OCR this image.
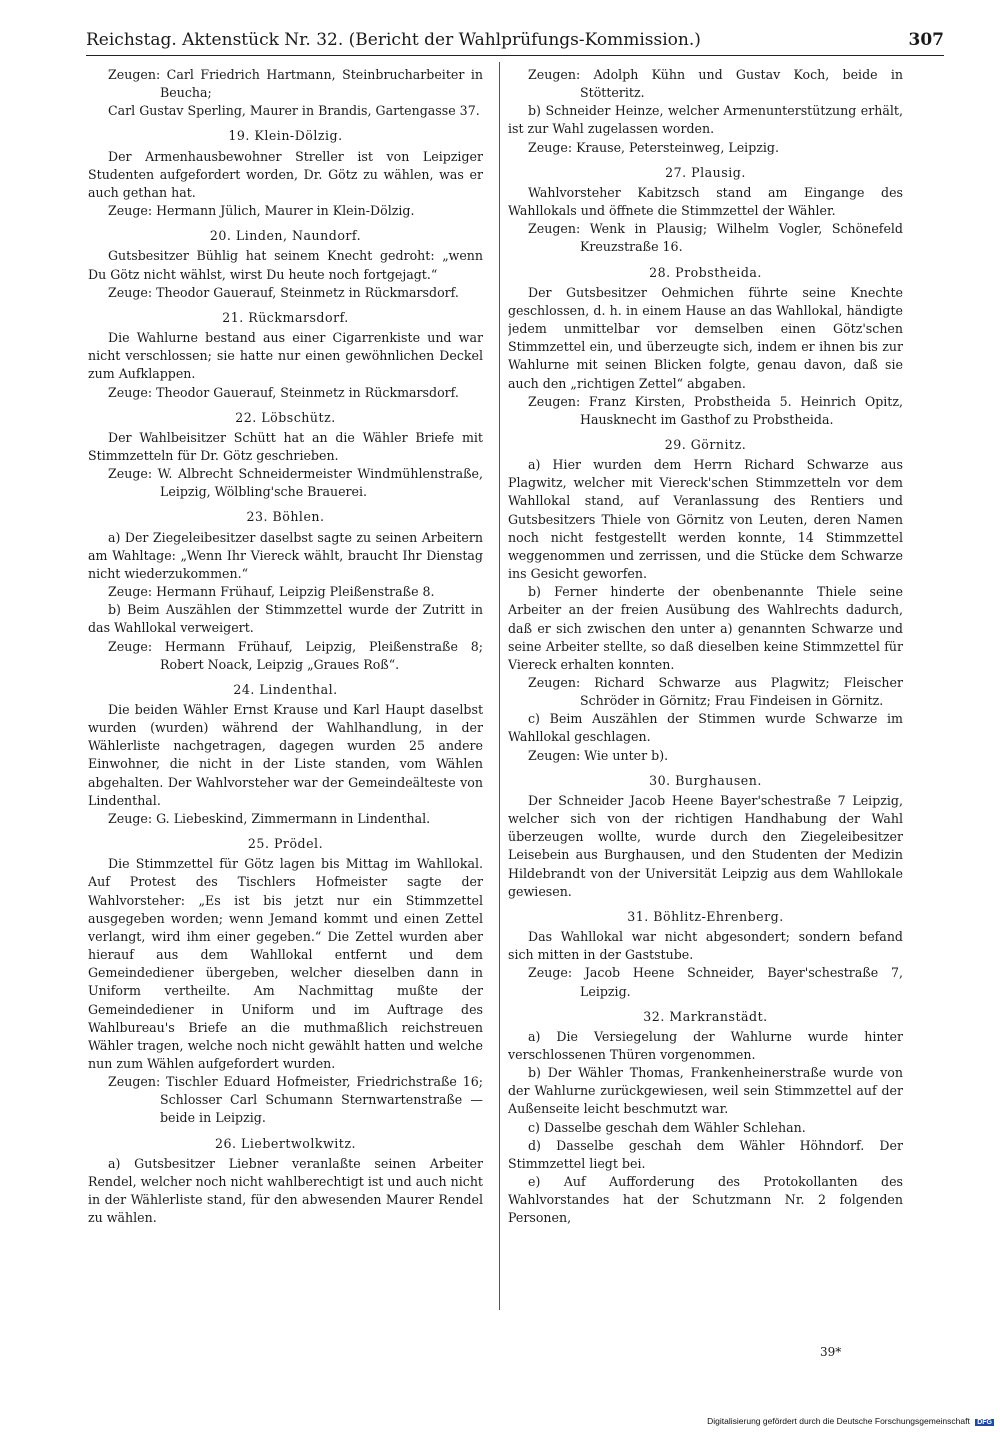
Reichstag. Aktenstück Nr. 32. (Bericht der Wahlprüfungs-Kommission.)	307

Zeugen: Carl Friedrich Hartmann, Steinbrucharbeiter in Beucha;

Carl Gustav Sperling, Maurer in Brandis, Gartengasse 37.

19. Klein-Dölzig.

Der Armenhausbewohner Streller ist von Leipziger Studenten aufgefordert worden, Dr. Götz zu wählen, was er auch gethan hat.

Zeuge: Hermann Jülich, Maurer in Klein-Dölzig.

20. Linden, Naundorf.

Gutsbesitzer Bühlig hat seinem Knecht gedroht: „wenn Du Götz nicht wählst, wirst Du heute noch fortgejagt.“

Zeuge: Theodor Gauerauf, Steinmetz in Rückmarsdorf.

21. Rückmarsdorf.

Die Wahlurne bestand aus einer Cigarrenkiste und war nicht verschlossen; sie hatte nur einen gewöhnlichen Deckel zum Aufklappen.

Zeuge: Theodor Gauerauf, Steinmetz in Rückmarsdorf.

22. Löbschütz.

Der Wahlbeisitzer Schütt hat an die Wähler Briefe mit Stimmzetteln für Dr. Götz geschrieben.

Zeuge: W. Albrecht Schneidermeister Windmühlenstraße, Leipzig, Wölbling'sche Brauerei.

23. Böhlen.

a) Der Ziegeleibesitzer daselbst sagte zu seinen Arbeitern am Wahltage: „Wenn Ihr Viereck wählt, braucht Ihr Dienstag nicht wiederzukommen.“

Zeuge: Hermann Frühauf, Leipzig Pleißenstraße 8.

b) Beim Auszählen der Stimmzettel wurde der Zutritt in das Wahllokal verweigert.

Zeuge: Hermann Frühauf, Leipzig, Pleißenstraße 8; Robert Noack, Leipzig „Graues Roß“.

24. Lindenthal.

Die beiden Wähler Ernst Krause und Karl Haupt daselbst wurden (wurden) während der Wahlhandlung, in der Wählerliste nachgetragen, dagegen wurden 25 andere Einwohner, die nicht in der Liste standen, vom Wählen abgehalten. Der Wahlvorsteher war der Gemeindeälteste von Lindenthal.

Zeuge: G. Liebeskind, Zimmermann in Lindenthal.

25. Prödel.

Die Stimmzettel für Götz lagen bis Mittag im Wahllokal. Auf Protest des Tischlers Hofmeister sagte der Wahlvorsteher: „Es ist bis jetzt nur ein Stimmzettel ausgegeben worden; wenn Jemand kommt und einen Zettel verlangt, wird ihm einer gegeben.“ Die Zettel wurden aber hierauf aus dem Wahllokal entfernt und dem Gemeindediener übergeben, welcher dieselben dann in Uniform vertheilte. Am Nachmittag mußte der Gemeindediener in Uniform und im Auftrage des Wahlbureau's Briefe an die muthmaßlich reichstreuen Wähler tragen, welche noch nicht gewählt hatten und welche nun zum Wählen aufgefordert wurden.

Zeugen: Tischler Eduard Hofmeister, Friedrichstraße 16; Schlosser Carl Schumann Sternwartenstraße — beide in Leipzig.

26. Liebertwolkwitz.

a) Gutsbesitzer Liebner veranlaßte seinen Arbeiter Rendel, welcher noch nicht wahlberechtigt ist und auch nicht in der Wählerliste stand, für den abwesenden Maurer Rendel zu wählen.

Zeugen: Adolph Kühn und Gustav Koch, beide in Stötteritz.

b) Schneider Heinze, welcher Armenunterstützung erhält, ist zur Wahl zugelassen worden.

Zeuge: Krause, Petersteinweg, Leipzig.

27. Plausig.

Wahlvorsteher Kabitzsch stand am Eingange des Wahllokals und öffnete die Stimmzettel der Wähler.

Zeugen: Wenk in Plausig; Wilhelm Vogler, Schönefeld Kreuzstraße 16.

28. Probstheida.

Der Gutsbesitzer Oehmichen führte seine Knechte geschlossen, d. h. in einem Hause an das Wahllokal, händigte jedem unmittelbar vor demselben einen Götz'schen Stimmzettel ein, und überzeugte sich, indem er ihnen bis zur Wahlurne mit seinen Blicken folgte, genau davon, daß sie auch den „richtigen Zettel“ abgaben.

Zeugen: Franz Kirsten, Probstheida 5. Heinrich Opitz, Hausknecht im Gasthof zu Probstheida.

29. Görnitz.

a) Hier wurden dem Herrn Richard Schwarze aus Plagwitz, welcher mit Viereck'schen Stimmzetteln vor dem Wahllokal stand, auf Veranlassung des Rentiers und Gutsbesitzers Thiele von Görnitz von Leuten, deren Namen noch nicht festgestellt werden konnte, 14 Stimmzettel weggenommen und zerrissen, und die Stücke dem Schwarze ins Gesicht geworfen.

b) Ferner hinderte der obenbenannte Thiele seine Arbeiter an der freien Ausübung des Wahlrechts dadurch, daß er sich zwischen den unter a) genannten Schwarze und seine Arbeiter stellte, so daß dieselben keine Stimmzettel für Viereck erhalten konnten.

Zeugen: Richard Schwarze aus Plagwitz; Fleischer Schröder in Görnitz; Frau Findeisen in Görnitz.

c) Beim Auszählen der Stimmen wurde Schwarze im Wahllokal geschlagen.

Zeugen: Wie unter b).

30. Burghausen.

Der Schneider Jacob Heene Bayer'schestraße 7 Leipzig, welcher sich von der richtigen Handhabung der Wahl überzeugen wollte, wurde durch den Ziegeleibesitzer Leisebein aus Burghausen, und den Studenten der Medizin Hildebrandt von der Universität Leipzig aus dem Wahllokale gewiesen.

31. Böhlitz-Ehrenberg.

Das Wahllokal war nicht abgesondert; sondern befand sich mitten in der Gaststube.

Zeuge: Jacob Heene Schneider, Bayer'schestraße 7, Leipzig.

32. Markranstädt.

a) Die Versiegelung der Wahlurne wurde hinter verschlossenen Thüren vorgenommen.

b) Der Wähler Thomas, Frankenheinerstraße wurde von der Wahlurne zurückgewiesen, weil sein Stimmzettel auf der Außenseite leicht beschmutzt war.

c) Dasselbe geschah dem Wähler Schlehan.

d) Dasselbe geschah dem Wähler Höhndorf. Der Stimmzettel liegt bei.

e) Auf Aufforderung des Protokollanten des Wahlvorstandes hat der Schutzmann Nr. 2 folgenden Personen,

39*
Digitalisierung gefördert durch die Deutsche Forschungsgemeinschaft DFG
